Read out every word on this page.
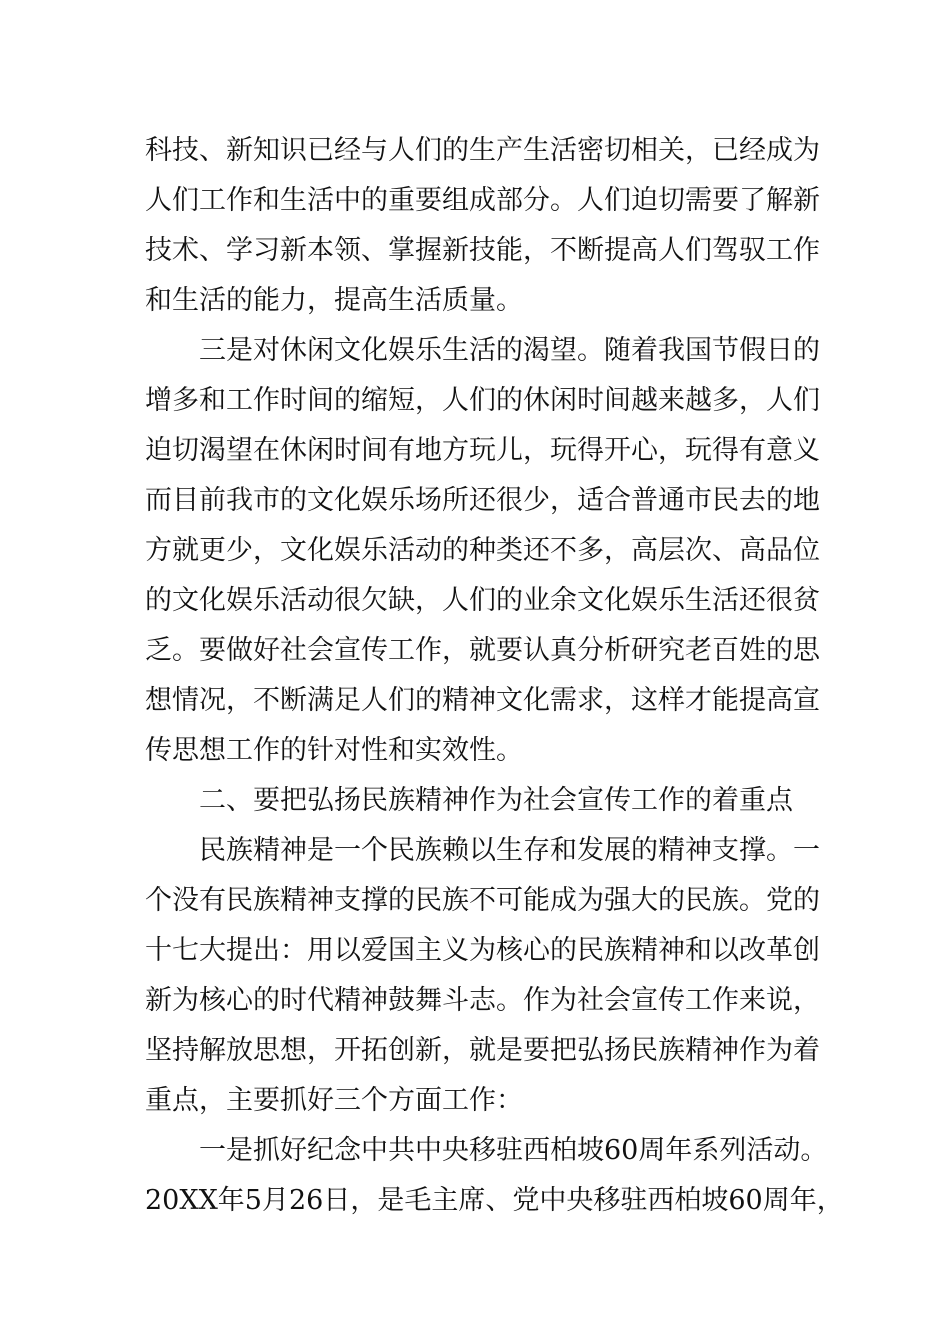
科技、新知识已经与人们的生产生活密切相关，已经成为
人们工作和生活中的重要组成部分。人们迫切需要了解新
技术、学习新本领、掌握新技能，不断提高人们驾驭工作
和生活的能力，提高生活质量。
三是对休闲文化娱乐生活的渴望。随着我国节假日的
增多和工作时间的缩短，人们的休闲时间越来越多，人们
迫切渴望在休闲时间有地方玩儿，玩得开心，玩得有意义
而目前我市的文化娱乐场所还很少，适合普通市民去的地
方就更少，文化娱乐活动的种类还不多，高层次、高品位
的文化娱乐活动很欠缺，人们的业余文化娱乐生活还很贫
乏。要做好社会宣传工作，就要认真分析研究老百姓的思
想情况，不断满足人们的精神文化需求，这样才能提高宣
传思想工作的针对性和实效性。
二、要把弘扬民族精神作为社会宣传工作的着重点
民族精神是一个民族赖以生存和发展的精神支撑。一
个没有民族精神支撑的民族不可能成为强大的民族。党的
十七大提出：用以爱国主义为核心的民族精神和以改革创
新为核心的时代精神鼓舞斗志。作为社会宣传工作来说，
坚持解放思想，开拓创新，就是要把弘扬民族精神作为着
重点，主要抓好三个方面工作：
一是抓好纪念中共中央移驻西柏坡60周年系列活动。
20XX年5月26日，是毛主席、党中央移驻西柏坡60周年，
